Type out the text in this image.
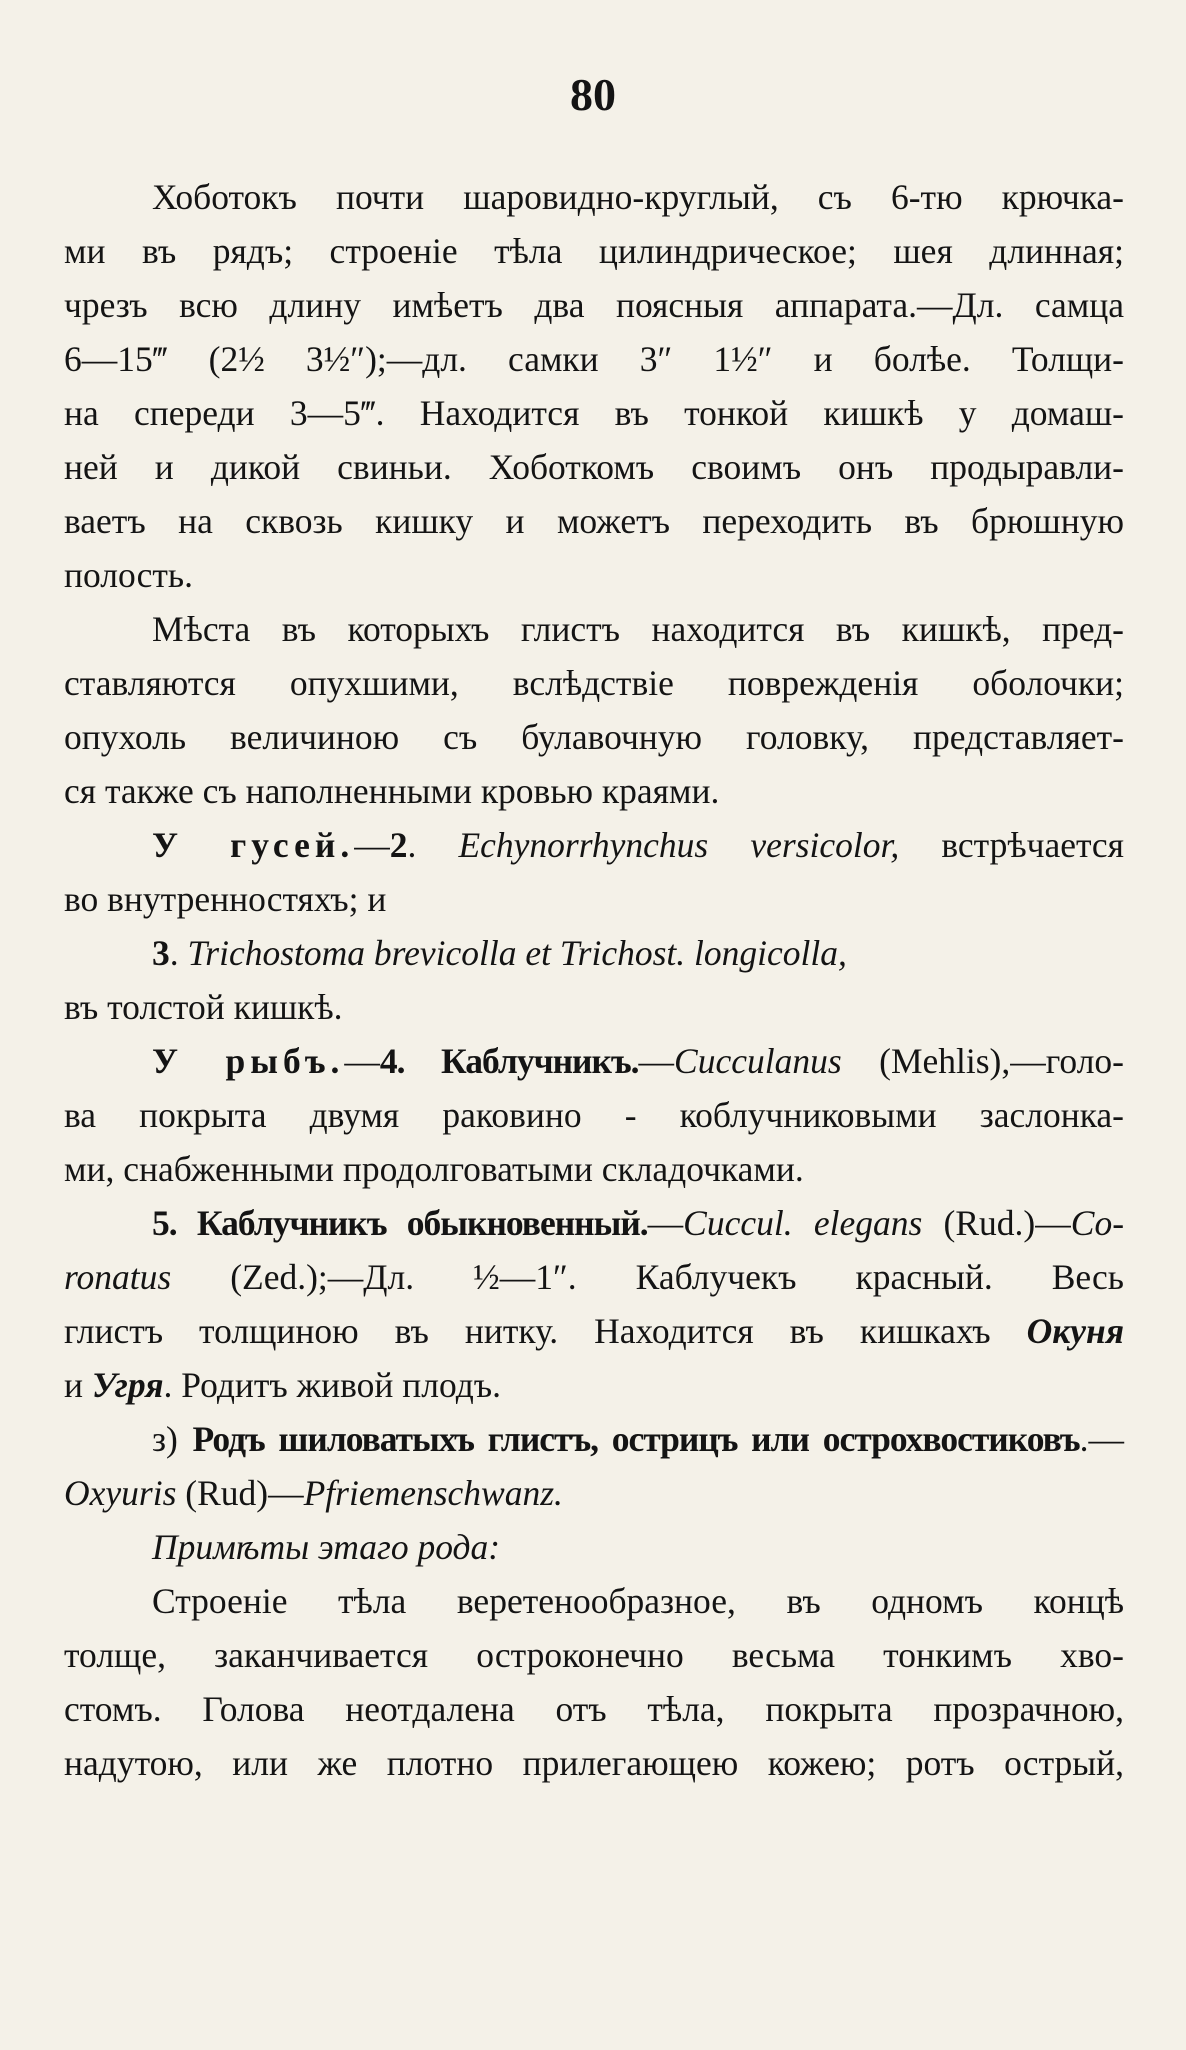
80

Хоботокъ почти шаровидно-круглый, съ 6-тю крючка-
ми въ рядъ; строеніе тѣла цилиндрическое; шея длинная;
чрезъ всю длину имѣетъ два поясныя аппарата.—Дл. самца
6—15‴ (2½ 3½″);—дл. самки 3″ 1½″ и болѣе. Толщи-
на спереди 3—5‴. Находится въ тонкой кишкѣ у домаш-
ней и дикой свиньи. Хоботкомъ своимъ онъ продыравли-
ваетъ на сквозь кишку и можетъ переходить въ брюшную
полость.

Мѣста въ которыхъ глистъ находится въ кишкѣ, пред-
ставляются опухшими, вслѣдствіе поврежденія оболочки;
опухоль величиною съ булавочную головку, представляет-
ся также съ наполненными кровью краями.

У гусей.—2. Echynorrhynchus versicolor, встрѣчается
во внутренностяхъ; и

3. Trichostoma brevicolla et Trichost. longicolla,

въ толстой кишкѣ.

У рыбъ.—4. Каблучникъ.—Cucculanus (Mehlis),—голо-
ва покрыта двумя раковино - коблучниковыми заслонка-
ми, снабженными продолговатыми складочками.

5. Каблучникъ обыкновенный.—Cuccul. elegans (Rud.)—Co-
ronatus (Zed.);—Дл. ½—1″. Каблучекъ красный. Весь
глистъ толщиною въ нитку. Находится въ кишкахъ Окуня
и Угря. Родитъ живой плодъ.

з) Родъ шиловатыхъ глистъ, острицъ или острохвостиковъ.—
Oxyuris (Rud)—Pfriemenschwanz.

Примѣты этаго рода:

Строеніе тѣла веретенообразное, въ одномъ концѣ
толще, заканчивается остроконечно весьма тонкимъ хво-
стомъ. Голова неотдалена отъ тѣла, покрыта прозрачною,
надутою, или же плотно прилегающею кожею; ротъ острый,
